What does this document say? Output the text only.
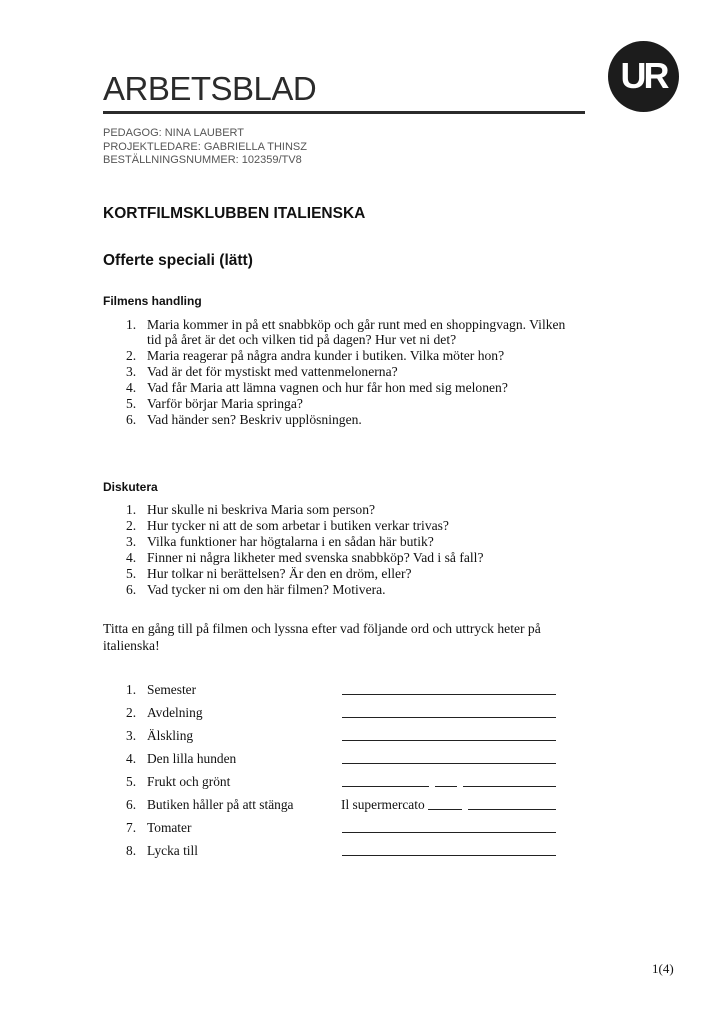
ARBETSBLAD	UR
PEDAGOG: NINA LAUBERT
PROJEKTLEDARE: GABRIELLA THINSZ
BESTÄLLNINGSNUMMER: 102359/TV8
KORTFILMSKLUBBEN ITALIENSKA
Offerte speciali (lätt)
Filmens handling
1. Maria kommer in på ett snabbköp och går runt med en shoppingvagn. Vilken
tid på året är det och vilken tid på dagen? Hur vet ni det?
2. Maria reagerar på några andra kunder i butiken. Vilka möter hon?
3. Vad är det för mystiskt med vattenmelonerna?
4. Vad får Maria att lämna vagnen och hur får hon med sig melonen?
5. Varför börjar Maria springa?
6. Vad händer sen? Beskriv upplösningen.
Diskutera
1. Hur skulle ni beskriva Maria som person?
2. Hur tycker ni att de som arbetar i butiken verkar trivas?
3. Vilka funktioner har högtalarna i en sådan här butik?
4. Finner ni några likheter med svenska snabbköp? Vad i så fall?
5. Hur tolkar ni berättelsen? Är den en dröm, eller?
6. Vad tycker ni om den här filmen? Motivera.
Titta en gång till på filmen och lyssna efter vad följande ord och uttryck heter på italienska!
1. Semester
2. Avdelning
3. Älskling
4. Den lilla hunden
5. Frukt och grönt
6. Butiken håller på att stänga	Il supermercato
7. Tomater
8. Lycka till
1(4)
